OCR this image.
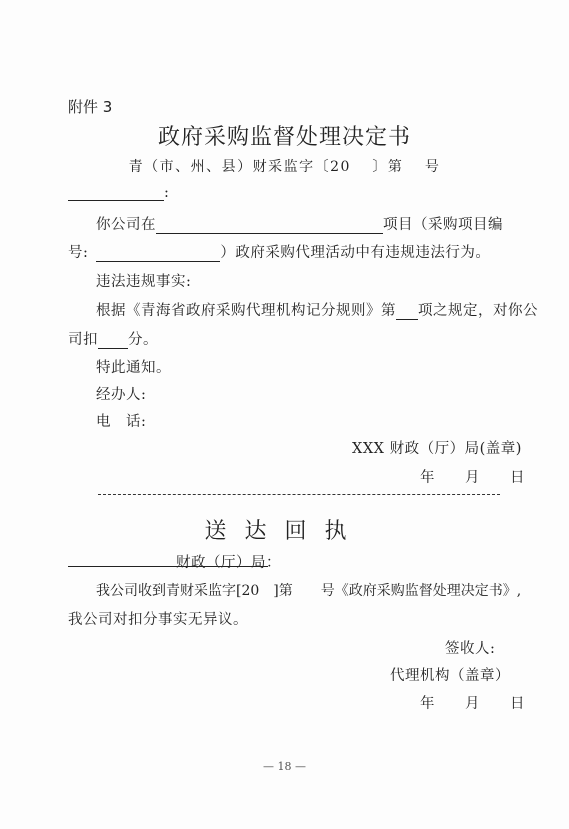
附件 3
政府采购监督处理决定书
青（市、州、县）财采监字〔20　 〕第　 号
:
你公司在	项目（采购项目编
号:	）政府采购代理活动中有违规违法行为。
违法违规事实:
根据《青海省政府采购代理机构记分规则》第 项之规定，对你公
司扣 分。
特此通知。
经办人:
电　话:
XXX 财政（厅）局(盖章)
年　　月　　日
送达回执
财政（厅）局：
我公司收到青财采监字[20　]第　　号《政府采购监督处理决定书》,
我公司对扣分事实无异议。
签收人:
代理机构（盖章）
年　　月　　日
— 18 —
